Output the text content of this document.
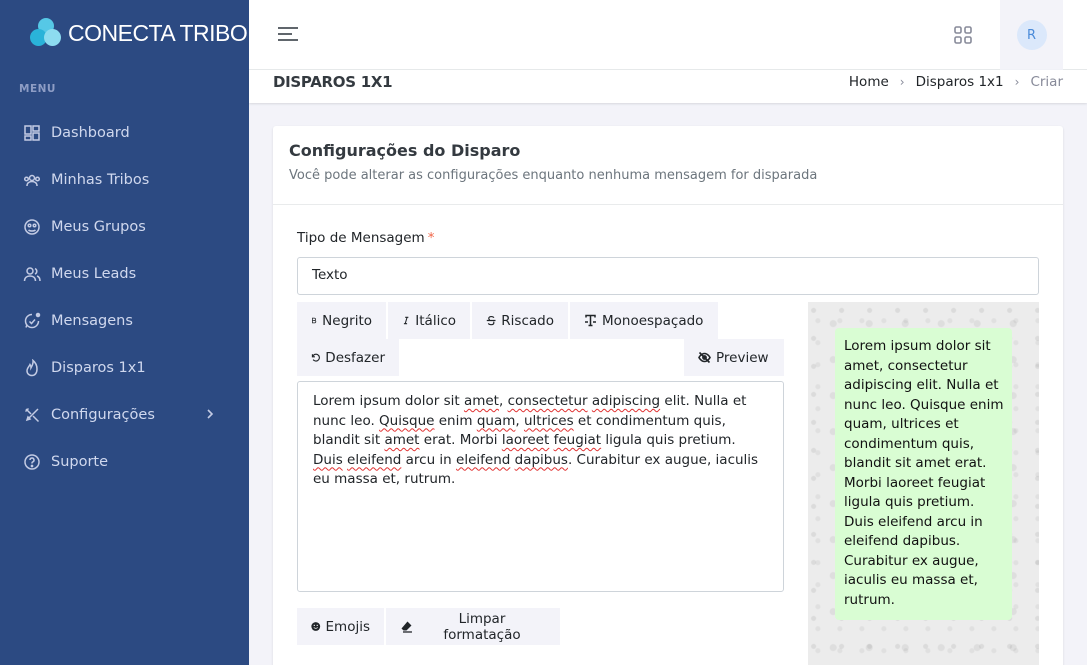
CONECTA TRIBO
MENU
Dashboard
Minhas Tribos
Meus Grupos
Meus Leads
Mensagens
Disparos 1x1
Configurações
Suporte
R
DISPAROS 1X1	Home › Disparos 1x1 › Criar
Configurações do Disparo
Você pode alterar as configurações enquanto nenhuma mensagem for disparada
Tipo de Mensagem *
Texto
Negrito	Itálico	Riscado	Monoespaçado
Desfazer	Preview
Lorem ipsum dolor sit amet, consectetur adipiscing elit. Nulla et nunc leo. Quisque enim quam, ultrices et condimentum quis, blandit sit amet erat. Morbi laoreet feugiat ligula quis pretium. Duis eleifend arcu in eleifend dapibus. Curabitur ex augue, iaculis eu massa et, rutrum.
Emojis	Limpar formatação
Lorem ipsum dolor sit amet, consectetur adipiscing elit. Nulla et nunc leo. Quisque enim quam, ultrices et condimentum quis, blandit sit amet erat. Morbi laoreet feugiat ligula quis pretium. Duis eleifend arcu in eleifend dapibus. Curabitur ex augue, iaculis eu massa et, rutrum.
